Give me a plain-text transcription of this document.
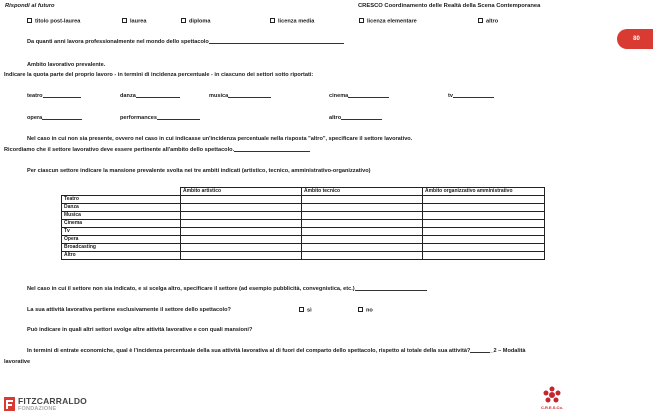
Rispondi al futuro	CRESCO Coordinamento delle Realtà della Scena Contemporanea
80
titolo post-laurea	laurea	diploma	licenza media	licenza elementare	altro
Da quanti anni lavora professionalmente nel mondo dello spettacolo
Ambito lavorativo prevalente.
Indicare la quota parte del proprio lavoro - in termini di incidenza percentuale - in ciascuno dei settori sotto riportati:
teatro	danza	musica	cinema	tv
opera	performances	altro
Nel caso in cui non sia presente, ovvero nel caso in cui indicasse un'incidenza percentuale nella risposta "altro", specificare il settore lavorativo.
Ricordiamo che il settore lavorativo deve essere pertinente all'ambito dello spettacolo.
Per ciascun settore indicare la mansione prevalente svolta nei tre ambiti indicati (artistico, tecnico, amministrativo-organizzativo)
	Ambito artistico	Ambito tecnico	Ambito organizzativo amministrativo
Teatro			
Danza			
Musica			
Cinema			
Tv			
Opera			
Broadcasting			
Altro			
Nel caso in cui il settore non sia indicato, e si scelga altro, specificare il settore (ad esempio pubblicità, convegnistica, etc.)
La sua attività lavorativa pertiene esclusivamente il settore dello spettacolo?	sì	no
Può indicare in quali altri settori svolge altre attività lavorative e con quali mansioni?
In termini di entrate economiche, qual è l'incidenza percentuale della sua attività lavorativa al di fuori del comparto dello spettacolo, rispetto al totale della sua attività?	_2 – Modalità
lavorative
FITZCARRALDO
FONDAZIONE	C.R.E.S.Co.
